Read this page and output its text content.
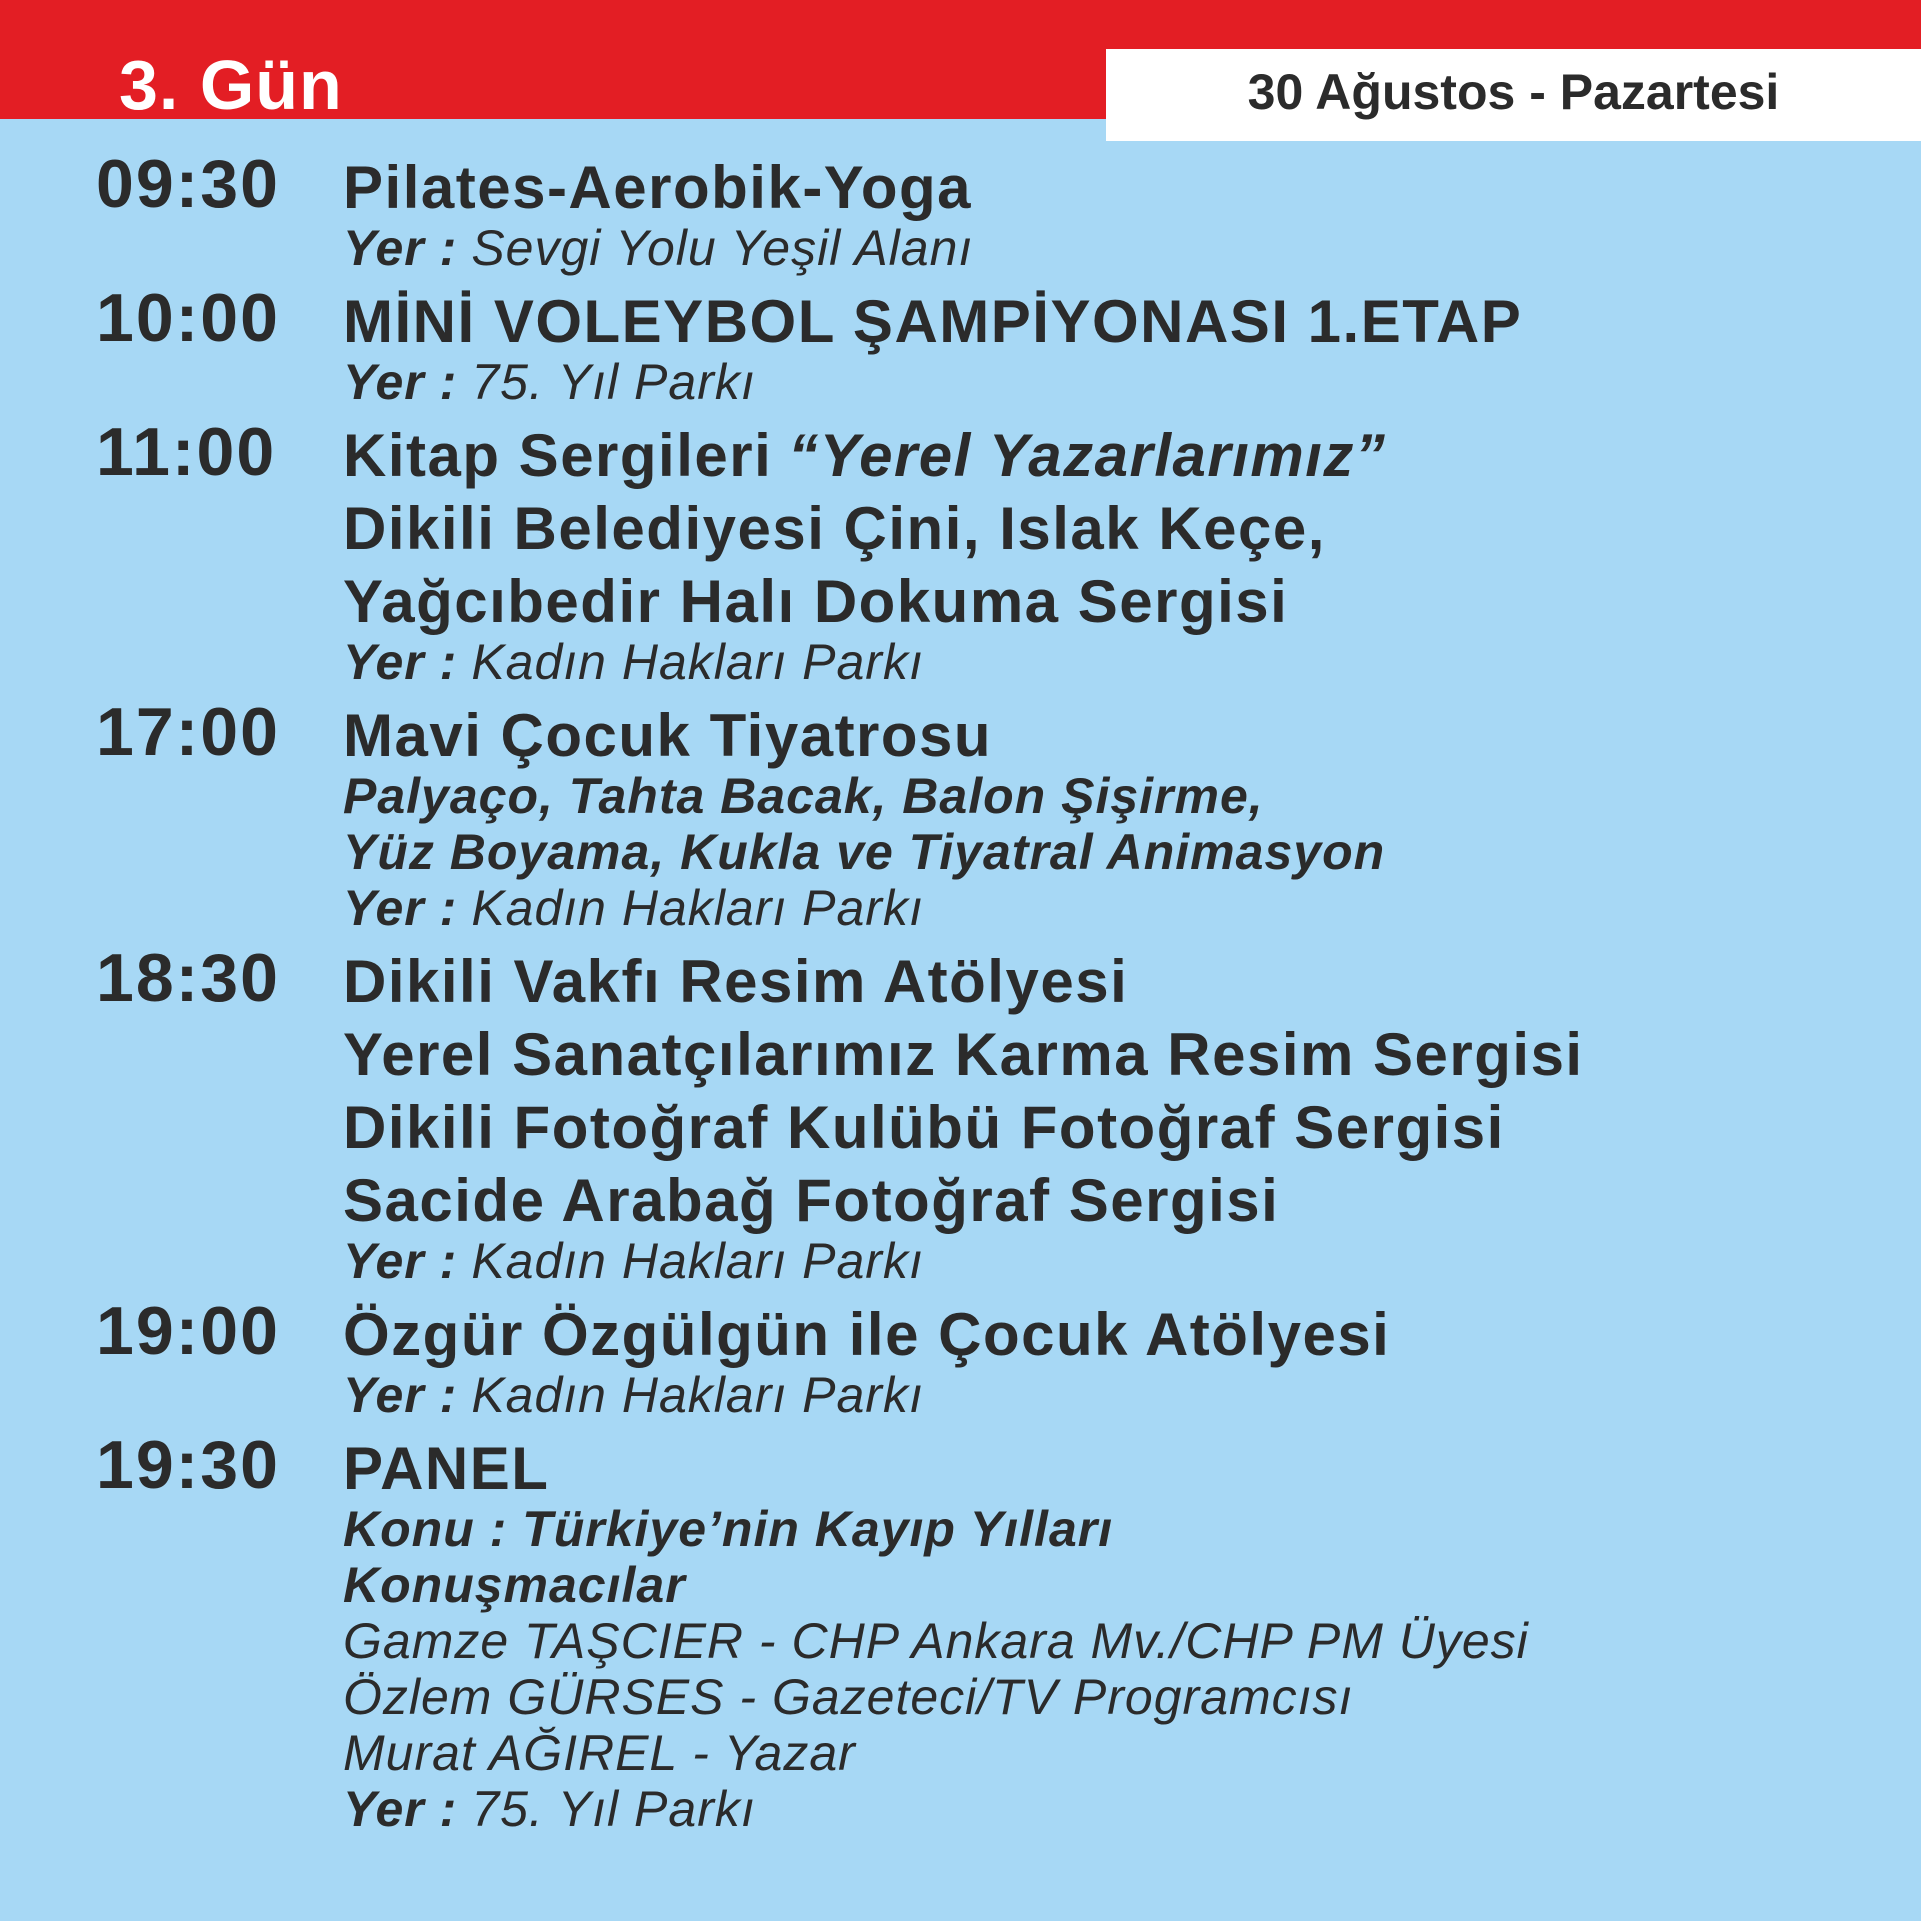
3. Gün	30 Ağustos - Pazartesi
09:30 Pilates-Aerobik-Yoga
Yer : Sevgi Yolu Yeşil Alanı
10:00 MİNİ VOLEYBOL ŞAMPİYONASI 1.ETAP
Yer : 75. Yıl Parkı
11:00 Kitap Sergileri “Yerel Yazarlarımız”
Dikili Belediyesi Çini, Islak Keçe,
Yağcıbedir Halı Dokuma Sergisi
Yer : Kadın Hakları Parkı
17:00 Mavi Çocuk Tiyatrosu
Palyaço, Tahta Bacak, Balon Şişirme,
Yüz Boyama, Kukla ve Tiyatral Animasyon
Yer : Kadın Hakları Parkı
18:30 Dikili Vakfı Resim Atölyesi
Yerel Sanatçılarımız Karma Resim Sergisi
Dikili Fotoğraf Kulübü Fotoğraf Sergisi
Sacide Arabağ Fotoğraf Sergisi
Yer : Kadın Hakları Parkı
19:00 Özgür Özgülgün ile Çocuk Atölyesi
Yer : Kadın Hakları Parkı
19:30 PANEL
Konu : Türkiye’nin Kayıp Yılları
Konuşmacılar
Gamze TAŞCIER - CHP Ankara Mv./CHP PM Üyesi
Özlem GÜRSES - Gazeteci/TV Programcısı
Murat AĞIREL - Yazar
Yer : 75. Yıl Parkı
